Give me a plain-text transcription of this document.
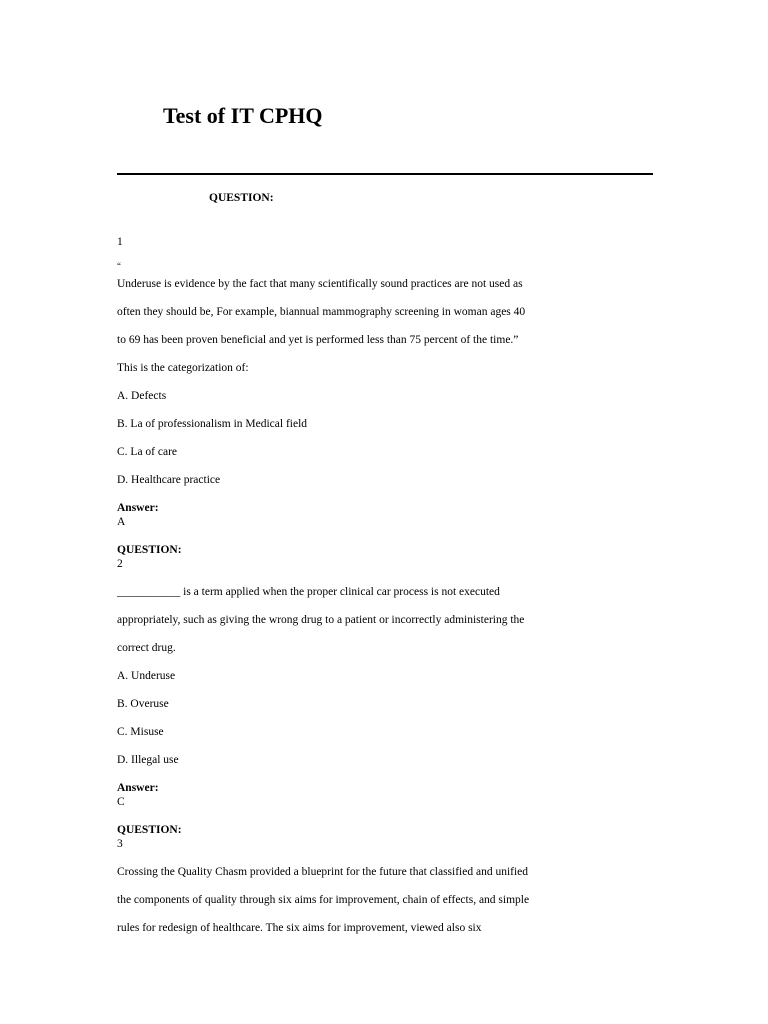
Test of IT CPHQ
QUESTION:
1
“
Underuse is evidence by the fact that many scientifically sound practices are not used as
often they should be, For example, biannual mammography screening in woman ages 40
to 69 has been proven beneficial and yet is performed less than 75 percent of the time.”
This is the categorization of:
A. Defects
B. La of professionalism in Medical field
C. La of care
D. Healthcare practice
Answer:
A
QUESTION:
2
___________ is a term applied when the proper clinical car process is not executed
appropriately, such as giving the wrong drug to a patient or incorrectly administering the
correct drug.
A. Underuse
B. Overuse
C. Misuse
D. Illegal use
Answer:
C
QUESTION:
3
Crossing the Quality Chasm provided a blueprint for the future that classified and unified
the components of quality through six aims for improvement, chain of effects, and simple
rules for redesign of healthcare. The six aims for improvement, viewed also six
